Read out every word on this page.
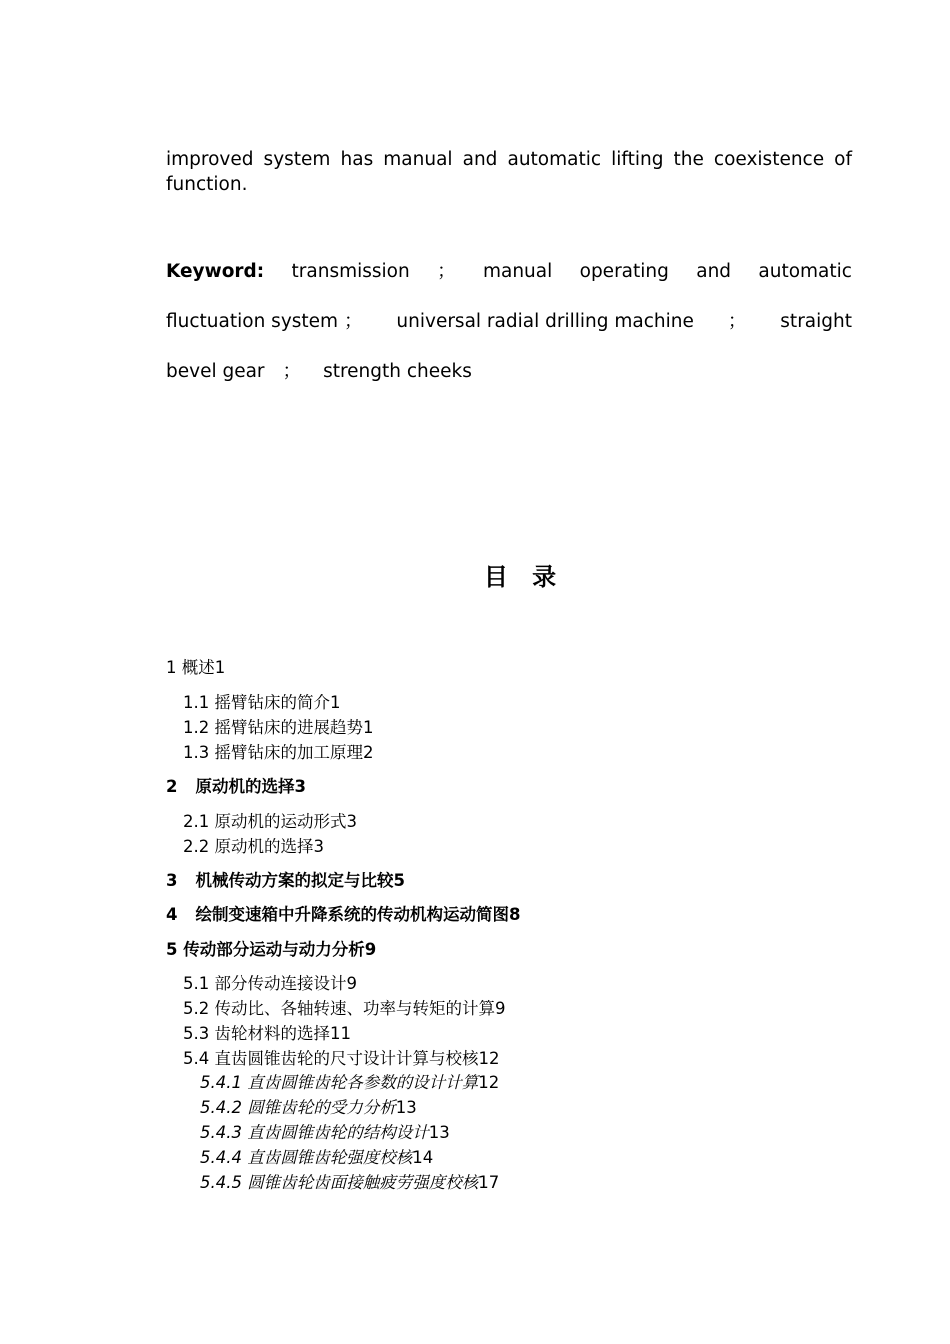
improved system has manual and automatic lifting the coexistence of function.

Keyword: transmission ； manual operating and automatic
fluctuation system ； universal radial drilling machine ； straight
bevel gear ； strength cheeks
目 录
1 概述1
1.1 摇臂钻床的简介1
1.2 摇臂钻床的进展趋势1
1.3 摇臂钻床的加工原理2
2 原动机的选择3
2.1 原动机的运动形式3
2.2 原动机的选择3
3 机械传动方案的拟定与比较5
4 绘制变速箱中升降系统的传动机构运动简图8
5 传动部分运动与动力分析9
5.1 部分传动连接设计9
5.2 传动比、各轴转速、功率与转矩的计算9
5.3 齿轮材料的选择11
5.4 直齿圆锥齿轮的尺寸设计计算与校核12
5.4.1 直齿圆锥齿轮各参数的设计计算12
5.4.2 圆锥齿轮的受力分析13
5.4.3 直齿圆锥齿轮的结构设计13
5.4.4 直齿圆锥齿轮强度校核14
5.4.5 圆锥齿轮齿面接触疲劳强度校核17
